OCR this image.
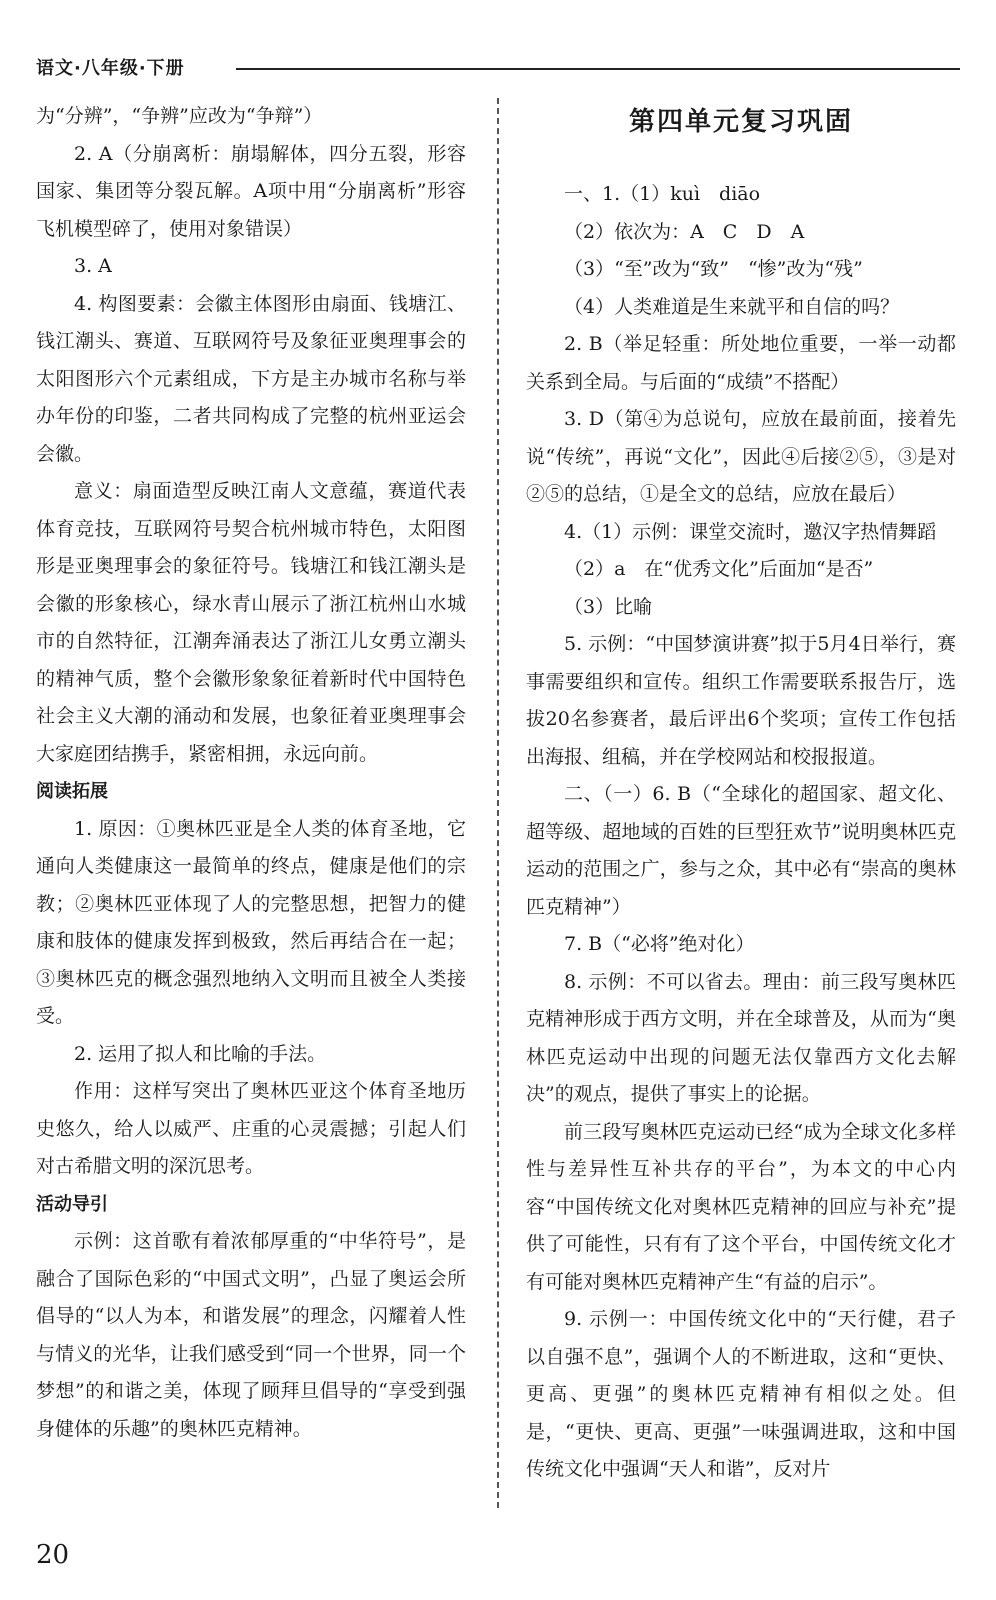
语文·八年级·下册

为“分辨”，“争辨”应改为“争辩”）

2. A（分崩离析：崩塌解体，四分五裂，形容国家、集团等分裂瓦解。A项中用“分崩离析”形容飞机模型碎了，使用对象错误）

3. A

4. 构图要素：会徽主体图形由扇面、钱塘江、钱江潮头、赛道、互联网符号及象征亚奥理事会的太阳图形六个元素组成，下方是主办城市名称与举办年份的印鉴，二者共同构成了完整的杭州亚运会会徽。

意义：扇面造型反映江南人文意蕴，赛道代表体育竞技，互联网符号契合杭州城市特色，太阳图形是亚奥理事会的象征符号。钱塘江和钱江潮头是会徽的形象核心，绿水青山展示了浙江杭州山水城市的自然特征，江潮奔涌表达了浙江儿女勇立潮头的精神气质，整个会徽形象象征着新时代中国特色社会主义大潮的涌动和发展，也象征着亚奥理事会大家庭团结携手，紧密相拥，永远向前。

阅读拓展

1. 原因：①奥林匹亚是全人类的体育圣地，它通向人类健康这一最简单的终点，健康是他们的宗教；②奥林匹亚体现了人的完整思想，把智力的健康和肢体的健康发挥到极致，然后再结合在一起；③奥林匹克的概念强烈地纳入文明而且被全人类接受。

2. 运用了拟人和比喻的手法。

作用：这样写突出了奥林匹亚这个体育圣地历史悠久，给人以威严、庄重的心灵震撼；引起人们对古希腊文明的深沉思考。

活动导引

示例：这首歌有着浓郁厚重的“中华符号”，是融合了国际色彩的“中国式文明”，凸显了奥运会所倡导的“以人为本，和谐发展”的理念，闪耀着人性与情义的光华，让我们感受到“同一个世界，同一个梦想”的和谐之美，体现了顾拜旦倡导的“享受到强身健体的乐趣”的奥林匹克精神。

第四单元复习巩固

一、1.（1）kuì　diāo

（2）依次为：A　C　D　A

（3）“至”改为“致”　“惨”改为“残”

（4）人类难道是生来就平和自信的吗？

2. B（举足轻重：所处地位重要，一举一动都关系到全局。与后面的“成绩”不搭配）

3. D（第④为总说句，应放在最前面，接着先说“传统”，再说“文化”，因此④后接②⑤，③是对②⑤的总结，①是全文的总结，应放在最后）

4.（1）示例：课堂交流时，邀汉字热情舞蹈

（2）a　在“优秀文化”后面加“是否”

（3）比喻

5. 示例：“中国梦演讲赛”拟于5月4日举行，赛事需要组织和宣传。组织工作需要联系报告厅，选拔20名参赛者，最后评出6个奖项；宣传工作包括出海报、组稿，并在学校网站和校报报道。

二、（一）6. B（“全球化的超国家、超文化、超等级、超地域的百姓的巨型狂欢节”说明奥林匹克运动的范围之广，参与之众，其中必有“崇高的奥林匹克精神”）

7. B（“必将”绝对化）

8. 示例：不可以省去。理由：前三段写奥林匹克精神形成于西方文明，并在全球普及，从而为“奥林匹克运动中出现的问题无法仅靠西方文化去解决”的观点，提供了事实上的论据。

前三段写奥林匹克运动已经“成为全球文化多样性与差异性互补共存的平台”，为本文的中心内容“中国传统文化对奥林匹克精神的回应与补充”提供了可能性，只有有了这个平台，中国传统文化才有可能对奥林匹克精神产生“有益的启示”。

9. 示例一：中国传统文化中的“天行健，君子以自强不息”，强调个人的不断进取，这和“更快、更高、更强”的奥林匹克精神有相似之处。但是，“更快、更高、更强”一味强调进取，这和中国传统文化中强调“天人和谐”，反对片

20
